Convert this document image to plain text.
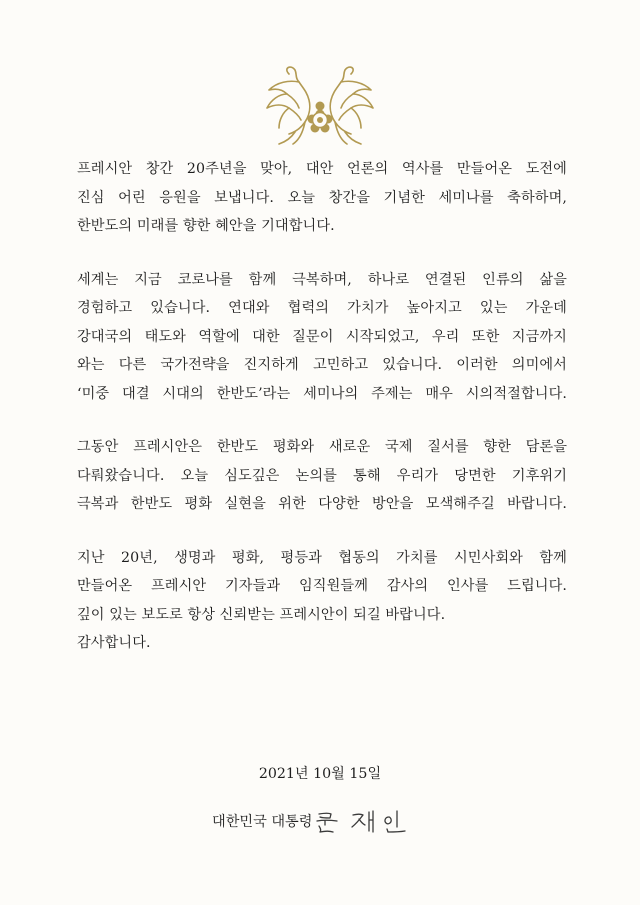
프레시안 창간 20주년을 맞아, 대안 언론의 역사를 만들어온 도전에
진심 어린 응원을 보냅니다. 오늘 창간을 기념한 세미나를 축하하며,
한반도의 미래를 향한 혜안을 기대합니다.

세계는 지금 코로나를 함께 극복하며, 하나로 연결된 인류의 삶을
경험하고 있습니다. 연대와 협력의 가치가 높아지고 있는 가운데
강대국의 태도와 역할에 대한 질문이 시작되었고, 우리 또한 지금까지
와는 다른 국가전략을 진지하게 고민하고 있습니다. 이러한 의미에서
‘미중 대결 시대의 한반도’라는 세미나의 주제는 매우 시의적절합니다.

그동안 프레시안은 한반도 평화와 새로운 국제 질서를 향한 담론을
다뤄왔습니다. 오늘 심도깊은 논의를 통해 우리가 당면한 기후위기
극복과 한반도 평화 실현을 위한 다양한 방안을 모색해주길 바랍니다.

지난 20년, 생명과 평화, 평등과 협동의 가치를 시민사회와 함께
만들어온 프레시안 기자들과 임직원들께 감사의 인사를 드립니다.
깊이 있는 보도로 항상 신뢰받는 프레시안이 되길 바랍니다.
감사합니다.

2021년 10월 15일
대한민국 대통령
